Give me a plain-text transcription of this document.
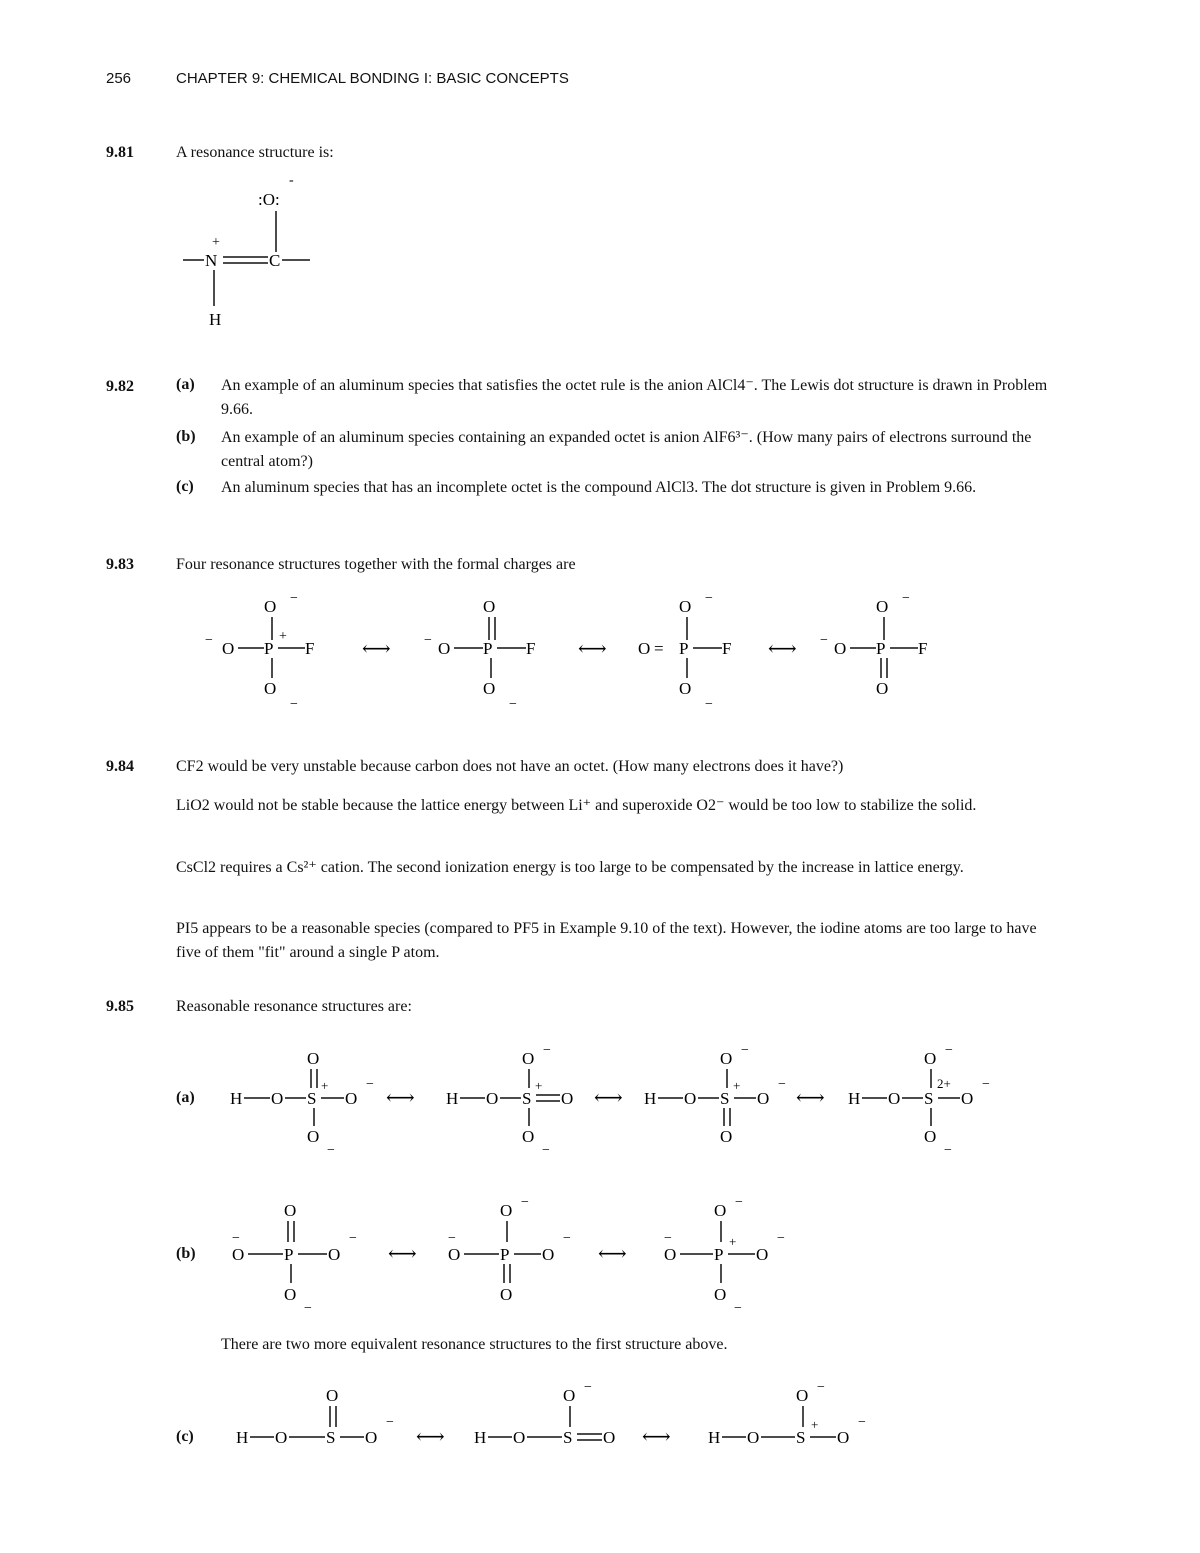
256	CHAPTER 9: CHEMICAL BONDING I: BASIC CONCEPTS
9.81	A resonance structure is:
:O:
-
N
+
C
H
9.82	(a) An example of an aluminum species that satisfies the octet rule is the anion AlCl4⁻. The Lewis dot structure is drawn in Problem 9.66.
(b) An example of an aluminum species containing an expanded octet is anion AlF6³⁻. (How many pairs of electrons surround the central atom?)
(c) An aluminum species that has an incomplete octet is the compound AlCl3. The dot structure is given in Problem 9.66.
9.83	Four resonance structures together with the formal charges are
O −
O P
+
F
O
−
−	⟷
O
O P F
O
−
−	⟷
O −
O = P F
O
−
⟷
O −
O P F
O
−
9.84	CF2 would be very unstable because carbon does not have an octet. (How many electrons does it have?)
LiO2 would not be stable because the lattice energy between Li⁺ and superoxide O2⁻ would be too low to stabilize the solid.
CsCl2 requires a Cs²⁺ cation. The second ionization energy is too large to be compensated by the increase in lattice energy.
PI5 appears to be a reasonable species (compared to PF5 in Example 9.10 of the text). However, the iodine atoms are too large to have five of them "fit" around a single P atom.
9.85	Reasonable resonance structures are:
(a)
(b)
(c)
There are two more equivalent resonance structures to the first structure above.
H O S O
−
O
+
O
−
⟷ H O S O
O −
+
O
−
⟷ H O S O
−
O −
+
O
⟷ H O S O
−
O −
2+
O
−
O
−
P O
−
O
O
−
⟷ O
−
P O
−
O −
O
⟷ O
−
P
+
O
−
O −
O
−
H O S O
−
O
⟷ H O S O
O −
⟷ H O S
+
O
−
O −
